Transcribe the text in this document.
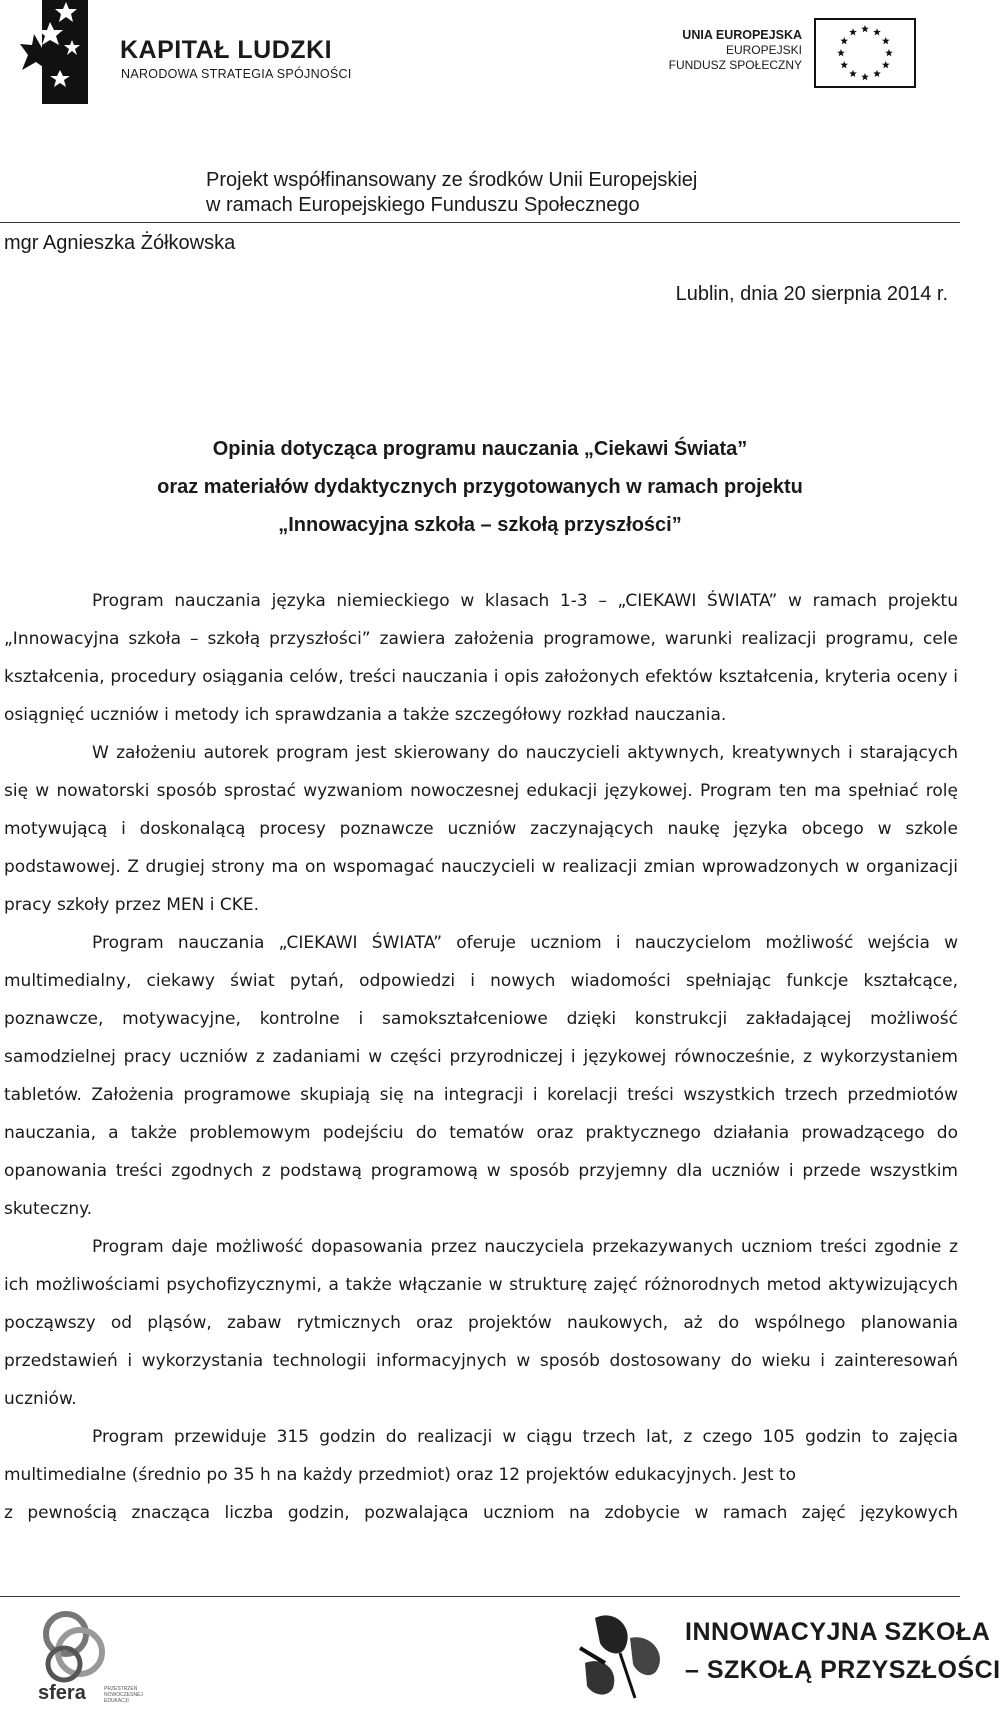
KAPITAŁ LUDZKI
NARODOWA STRATEGIA SPÓJNOŚCI
UNIA EUROPEJSKA
EUROPEJSKI
FUNDUSZ SPOŁECZNY
Projekt współfinansowany ze środków Unii Europejskiej
w ramach Europejskiego Funduszu Społecznego
mgr Agnieszka Żółkowska
Lublin, dnia 20 sierpnia 2014 r.
Opinia dotycząca programu nauczania „Ciekawi Świata”
oraz materiałów dydaktycznych przygotowanych w ramach projektu
„Innowacyjna szkoła – szkołą przyszłości”

Program nauczania języka niemieckiego w klasach 1-3 – „CIEKAWI ŚWIATA” w ramach projektu „Innowacyjna szkoła – szkołą przyszłości” zawiera założenia programowe, warunki realizacji programu, cele kształcenia, procedury osiągania celów, treści nauczania i opis założonych efektów kształcenia, kryteria oceny i osiągnięć uczniów i metody ich sprawdzania a także szczegółowy rozkład nauczania.

W założeniu autorek program jest skierowany do nauczycieli aktywnych, kreatywnych i starających się w nowatorski sposób sprostać wyzwaniom nowoczesnej edukacji językowej. Program ten ma spełniać rolę motywującą i doskonalącą procesy poznawcze uczniów zaczynających naukę języka obcego w szkole podstawowej. Z drugiej strony ma on wspomagać nauczycieli w realizacji zmian wprowadzonych w organizacji pracy szkoły przez MEN i CKE.

Program nauczania „CIEKAWI ŚWIATA” oferuje uczniom i nauczycielom możliwość wejścia w multimedialny, ciekawy świat pytań, odpowiedzi i nowych wiadomości spełniając funkcje kształcące, poznawcze, motywacyjne, kontrolne i samokształceniowe dzięki konstrukcji zakładającej możliwość samodzielnej pracy uczniów z zadaniami w części przyrodniczej i językowej równocześnie, z wykorzystaniem tabletów. Założenia programowe skupiają się na integracji i korelacji treści wszystkich trzech przedmiotów nauczania, a także problemowym podejściu do tematów oraz praktycznego działania prowadzącego do opanowania treści zgodnych z podstawą programową w sposób przyjemny dla uczniów i przede wszystkim skuteczny.

Program daje możliwość dopasowania przez nauczyciela przekazywanych uczniom treści zgodnie z ich możliwościami psychofizycznymi, a także włączanie w strukturę zajęć różnorodnych metod aktywizujących począwszy od pląsów, zabaw rytmicznych oraz projektów naukowych, aż do wspólnego planowania przedstawień i wykorzystania technologii informacyjnych w sposób dostosowany do wieku i zainteresowań uczniów.

Program przewiduje 315 godzin do realizacji w ciągu trzech lat, z czego 105 godzin to zajęcia multimedialne (średnio po 35 h na każdy przedmiot) oraz 12 projektów edukacyjnych. Jest to

z pewnością znacząca liczba godzin, pozwalająca uczniom na zdobycie w ramach zajęć językowych

sfera	PRZESTRZEŃ NOWOCZESNEJ EDUKACJI
INNOWACYJNA SZKOŁA
– SZKOŁĄ PRZYSZŁOŚCI
